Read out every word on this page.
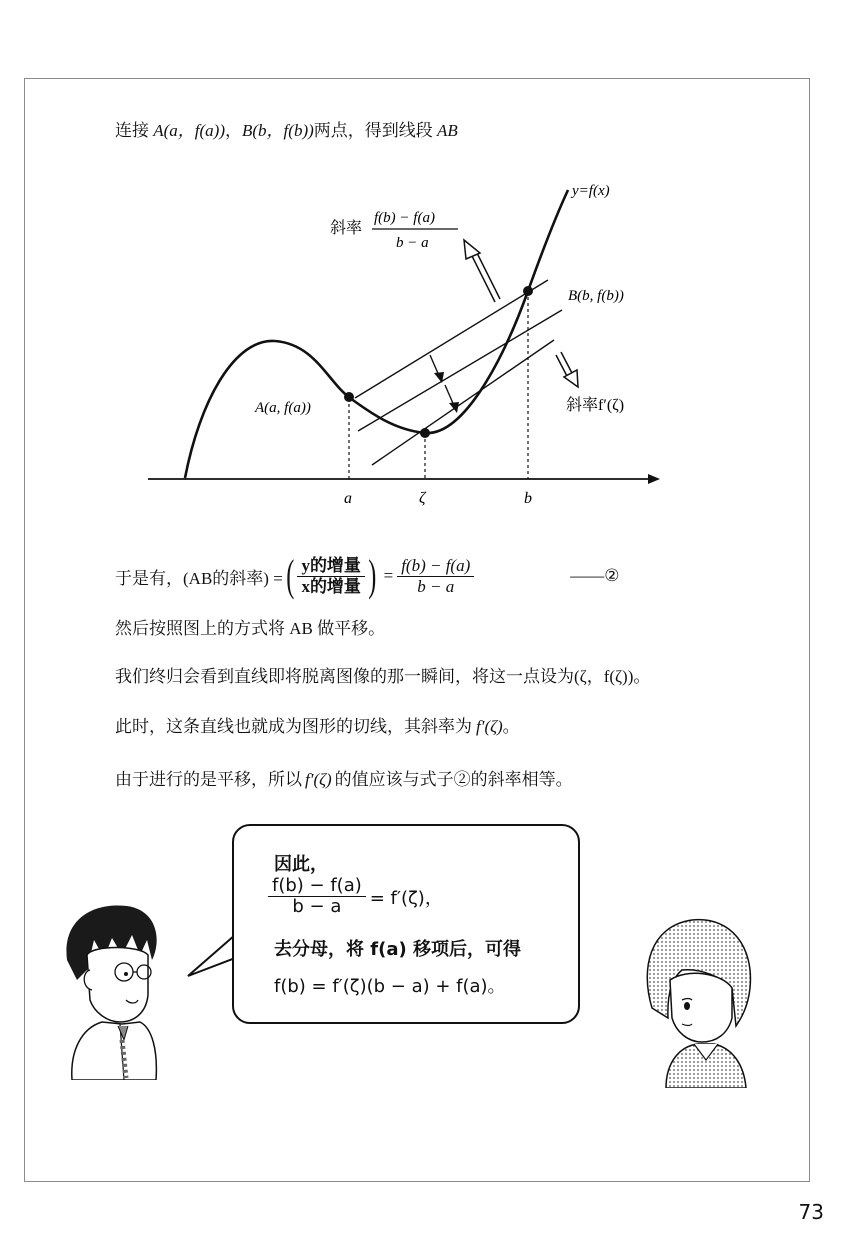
连接 A(a，f(a))，B(b，f(b))两点，得到线段 AB
y=f(x)
斜率
f(b) − f(a)
b − a
B(b, f(b))
A(a, f(a))	斜率f′(ζ)
a	ζ	b
于是有，(AB的斜率) = ( $\frac{\text{y的增量}}{\text{x的增量}}$ ) = $\frac{f(b) - f(a)}{b - a}$	——②
然后按照图上的方式将 AB 做平移。
我们终归会看到直线即将脱离图像的那一瞬间，将这一点设为(ζ，f(ζ))。
此时，这条直线也就成为图形的切线，其斜率为 f′(ζ)。
由于进行的是平移，所以 f′(ζ) 的值应该与式子②的斜率相等。
因此，
$\frac{f(b) - f(a)}{b - a} = f'(\zeta)$，
去分母，将 f(a) 移项后，可得
f(b) = f′(ζ)(b − a) + f(a)。
73
